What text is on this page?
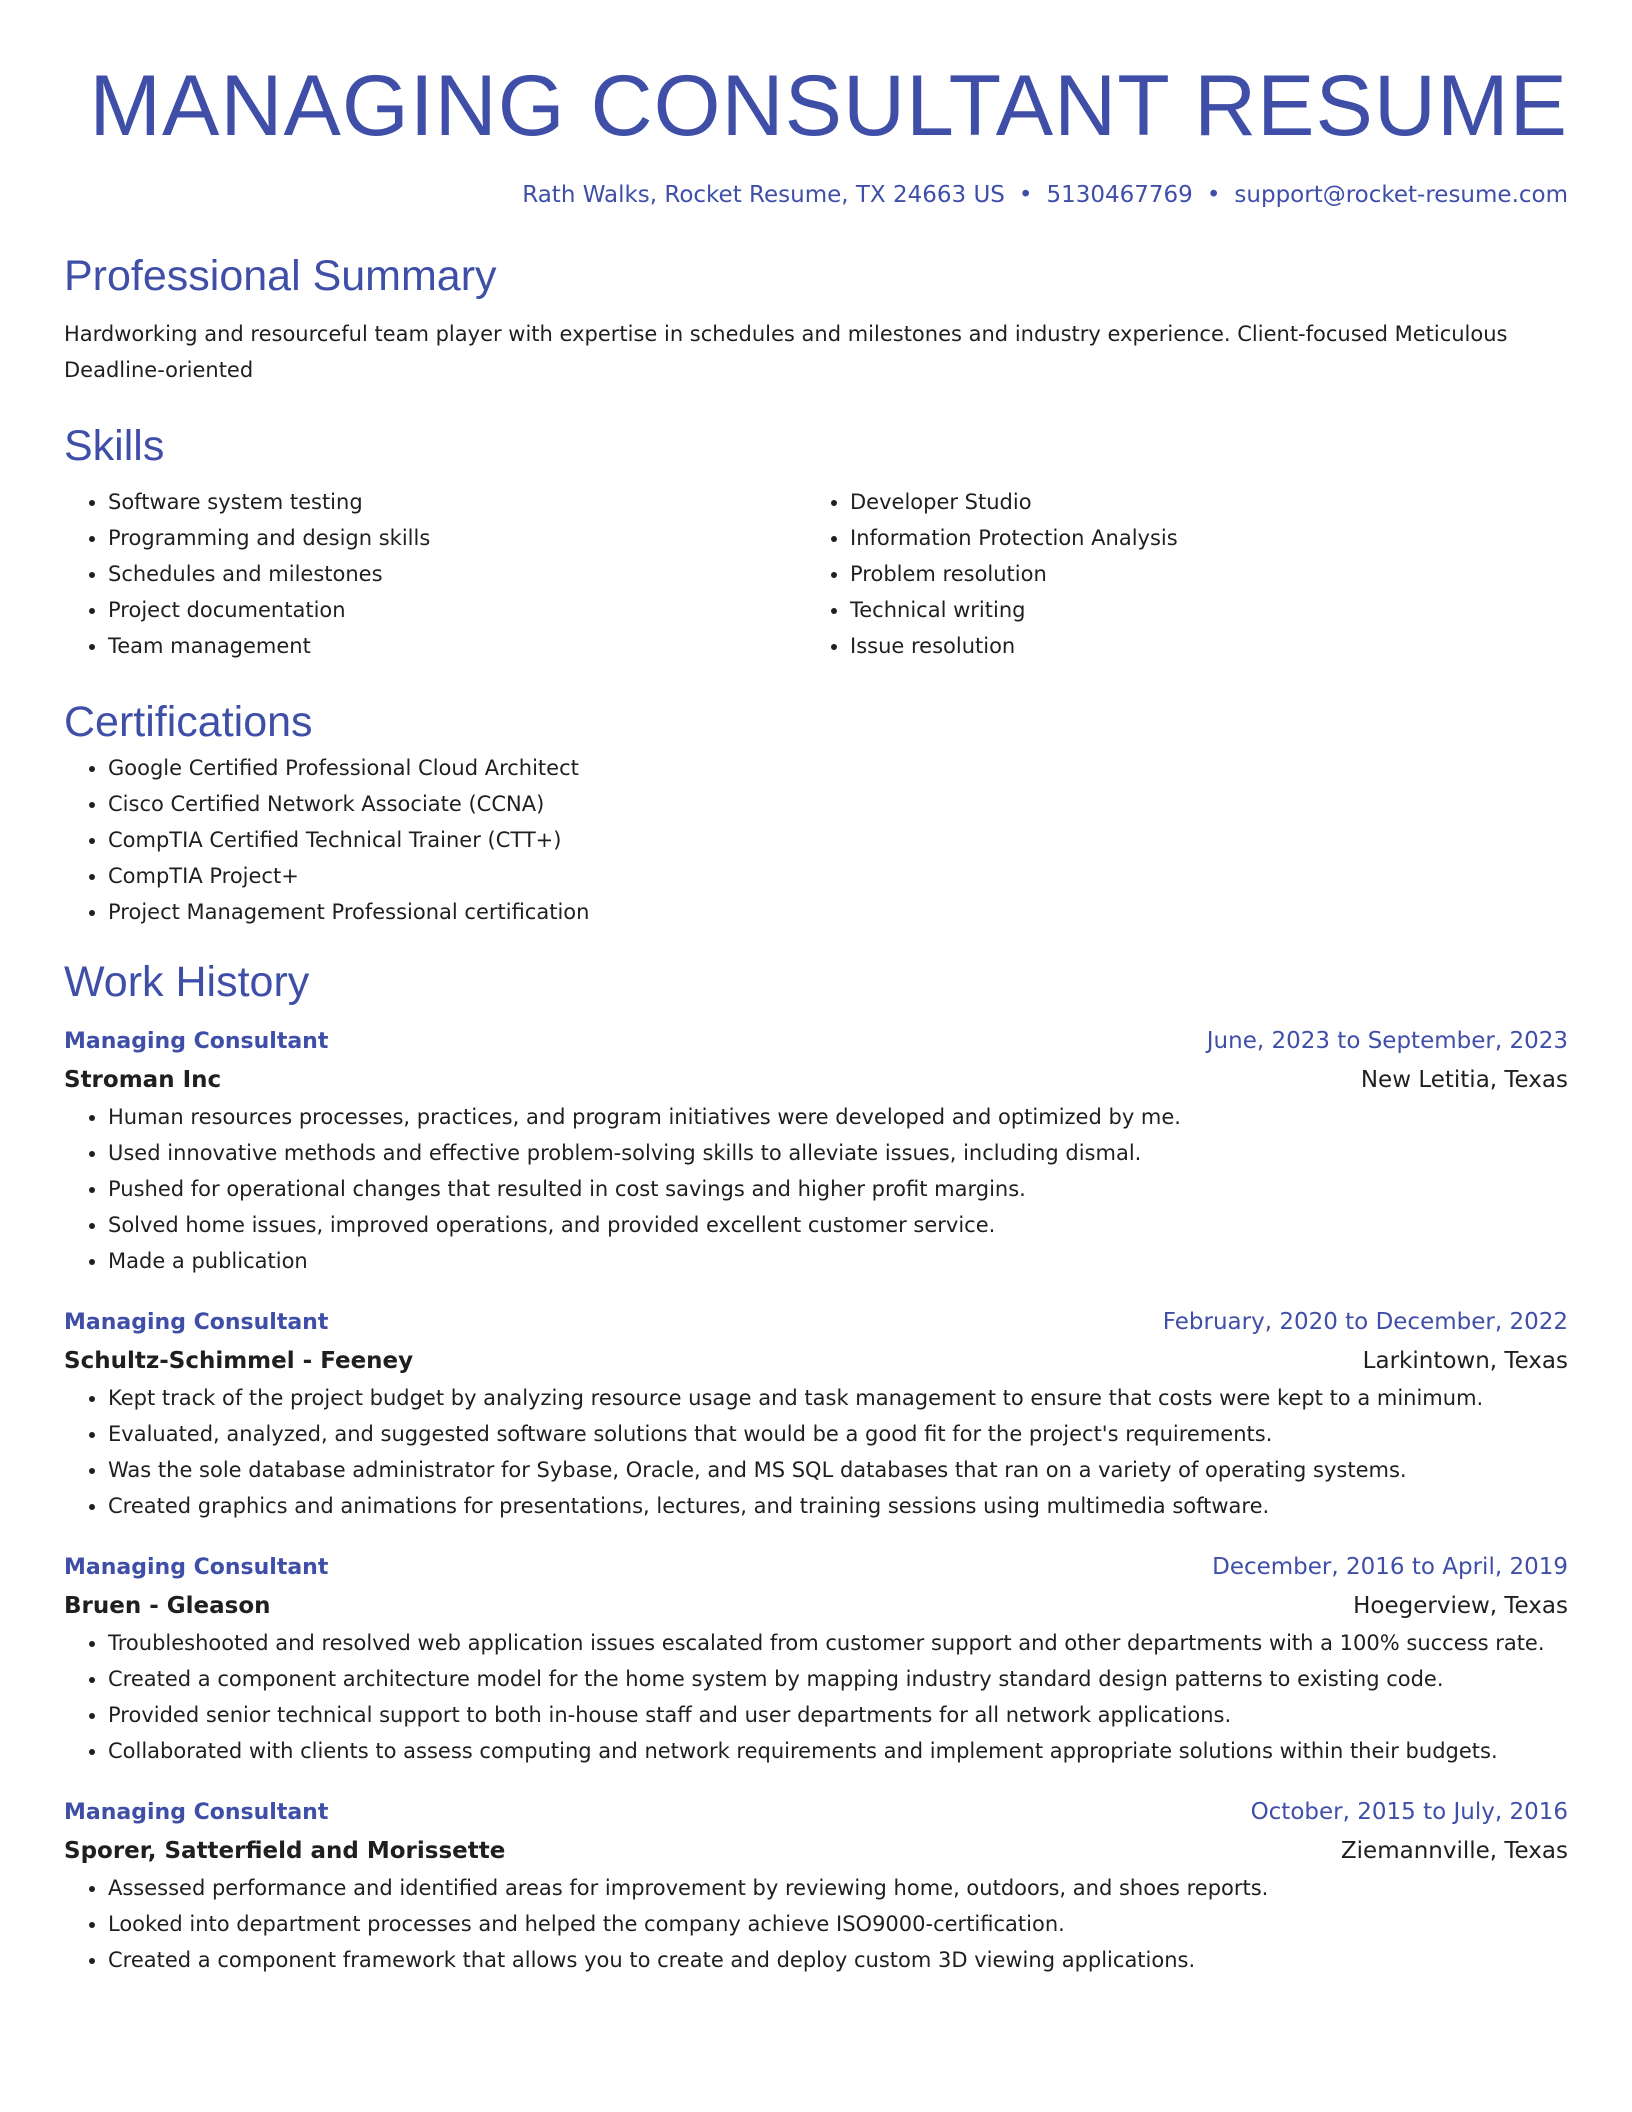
MANAGING CONSULTANT RESUME
Rath Walks, Rocket Resume, TX 24663 US • 5130467769 • support@rocket-resume.com
Professional Summary
Hardworking and resourceful team player with expertise in schedules and milestones and industry experience. Client-focused Meticulous Deadline-oriented
Skills
• Software system testing
• Programming and design skills
• Schedules and milestones
• Project documentation
• Team management
• Developer Studio
• Information Protection Analysis
• Problem resolution
• Technical writing
• Issue resolution
Certifications
• Google Certified Professional Cloud Architect
• Cisco Certified Network Associate (CCNA)
• CompTIA Certified Technical Trainer (CTT+)
• CompTIA Project+
• Project Management Professional certification
Work History
Managing Consultant	June, 2023 to September, 2023
Stroman Inc	New Letitia, Texas
• Human resources processes, practices, and program initiatives were developed and optimized by me.
• Used innovative methods and effective problem-solving skills to alleviate issues, including dismal.
• Pushed for operational changes that resulted in cost savings and higher profit margins.
• Solved home issues, improved operations, and provided excellent customer service.
• Made a publication
Managing Consultant	February, 2020 to December, 2022
Schultz-Schimmel - Feeney	Larkintown, Texas
• Kept track of the project budget by analyzing resource usage and task management to ensure that costs were kept to a minimum.
• Evaluated, analyzed, and suggested software solutions that would be a good fit for the project's requirements.
• Was the sole database administrator for Sybase, Oracle, and MS SQL databases that ran on a variety of operating systems.
• Created graphics and animations for presentations, lectures, and training sessions using multimedia software.
Managing Consultant	December, 2016 to April, 2019
Bruen - Gleason	Hoegerview, Texas
• Troubleshooted and resolved web application issues escalated from customer support and other departments with a 100% success rate.
• Created a component architecture model for the home system by mapping industry standard design patterns to existing code.
• Provided senior technical support to both in-house staff and user departments for all network applications.
• Collaborated with clients to assess computing and network requirements and implement appropriate solutions within their budgets.
Managing Consultant	October, 2015 to July, 2016
Sporer, Satterfield and Morissette	Ziemannville, Texas
• Assessed performance and identified areas for improvement by reviewing home, outdoors, and shoes reports.
• Looked into department processes and helped the company achieve ISO9000-certification.
• Created a component framework that allows you to create and deploy custom 3D viewing applications.
